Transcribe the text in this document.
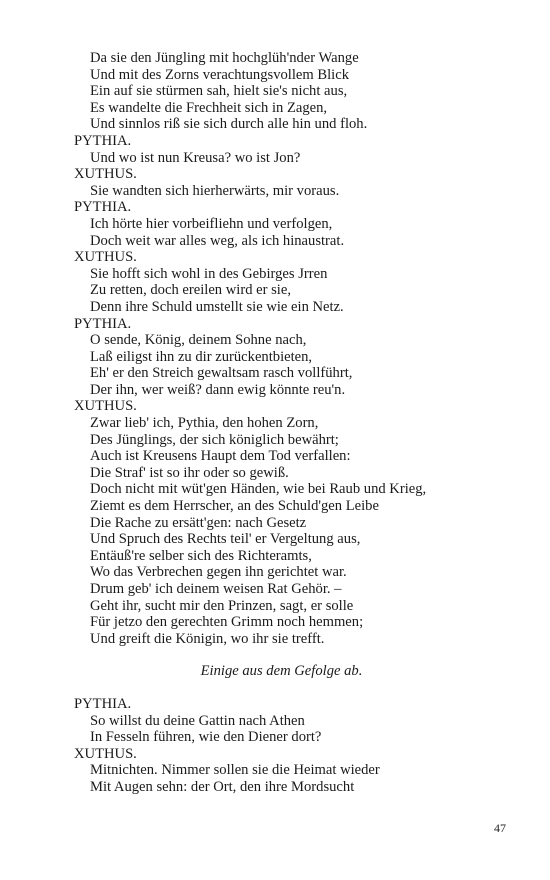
Da sie den Jüngling mit hochglüh'nder Wange
Und mit des Zorns verachtungsvollem Blick
Ein auf sie stürmen sah, hielt sie's nicht aus,
Es wandelte die Frechheit sich in Zagen,
Und sinnlos riß sie sich durch alle hin und floh.
PYTHIA.
Und wo ist nun Kreusa? wo ist Jon?
XUTHUS.
Sie wandten sich hierherwärts, mir voraus.
PYTHIA.
Ich hörte hier vorbeifliehn und verfolgen,
Doch weit war alles weg, als ich hinaustrat.
XUTHUS.
Sie hofft sich wohl in des Gebirges Jrren
Zu retten, doch ereilen wird er sie,
Denn ihre Schuld umstellt sie wie ein Netz.
PYTHIA.
O sende, König, deinem Sohne nach,
Laß eiligst ihn zu dir zurückentbieten,
Eh' er den Streich gewaltsam rasch vollführt,
Der ihn, wer weiß? dann ewig könnte reu'n.
XUTHUS.
Zwar lieb' ich, Pythia, den hohen Zorn,
Des Jünglings, der sich königlich bewährt;
Auch ist Kreusens Haupt dem Tod verfallen:
Die Straf' ist so ihr oder so gewiß.
Doch nicht mit wüt'gen Händen, wie bei Raub und Krieg,
Ziemt es dem Herrscher, an des Schuld'gen Leibe
Die Rache zu ersätt'gen: nach Gesetz
Und Spruch des Rechts teil' er Vergeltung aus,
Entäuß're selber sich des Richteramts,
Wo das Verbrechen gegen ihn gerichtet war.
Drum geb' ich deinem weisen Rat Gehör. –
Geht ihr, sucht mir den Prinzen, sagt, er solle
Für jetzo den gerechten Grimm noch hemmen;
Und greift die Königin, wo ihr sie trefft.
Einige aus dem Gefolge ab.
PYTHIA.
So willst du deine Gattin nach Athen
In Fesseln führen, wie den Diener dort?
XUTHUS.
Mitnichten. Nimmer sollen sie die Heimat wieder
Mit Augen sehn: der Ort, den ihre Mordsucht
47
